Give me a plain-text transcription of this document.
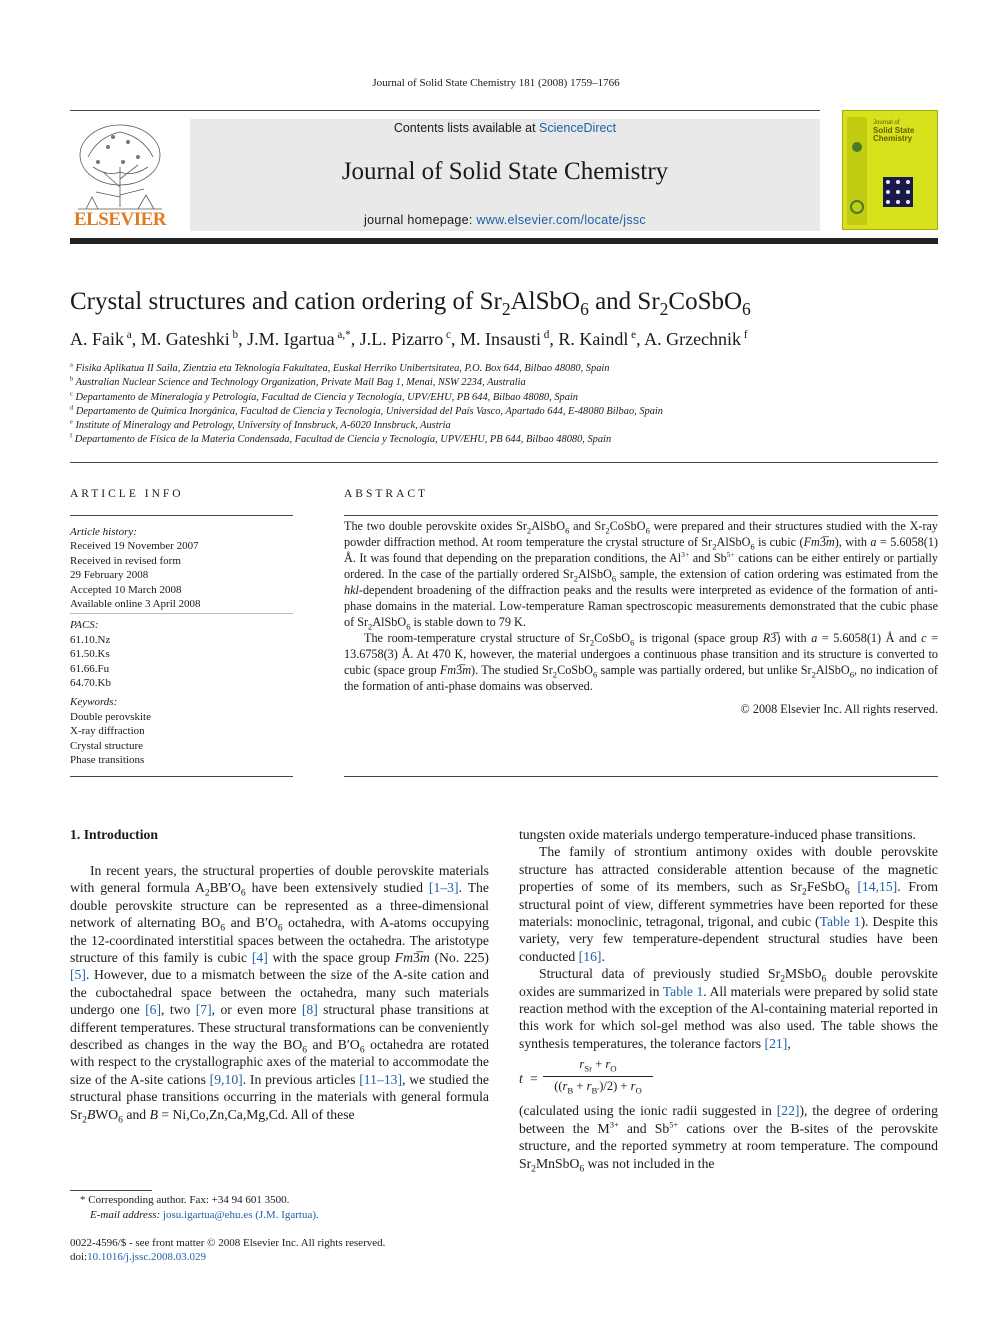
Journal of Solid State Chemistry 181 (2008) 1759–1766
ELSEVIER
Contents lists available at ScienceDirect
Journal of Solid State Chemistry
journal homepage: www.elsevier.com/locate/jssc
Journal of
Solid State
Chemistry
Crystal structures and cation ordering of $Sr_2AlSbO_6$ and $Sr_2CoSbO_6$
A. Faik $^a$, M. Gateshki $^b$, J.M. Igartua $^{a,*}$, J.L. Pizarro $^c$, M. Insausti $^d$, R. Kaindl $^e$, A. Grzechnik $^f$
$^a$ Fisika Aplikatua II Saila, Zientzia eta Teknologia Fakultatea, Euskal Herriko Unibertsitatea, P.O. Box 644, Bilbao 48080, Spain
$^b$ Australian Nuclear Science and Technology Organization, Private Mail Bag 1, Menai, NSW 2234, Australia
$^c$ Departamento de Mineralogía y Petrología, Facultad de Ciencia y Tecnología, UPV/EHU, PB 644, Bilbao 48080, Spain
$^d$ Departamento de Química Inorgánica, Facultad de Ciencia y Tecnología, Universidad del País Vasco, Apartado 644, E-48080 Bilbao, Spain
$^e$ Institute of Mineralogy and Petrology, University of Innsbruck, A-6020 Innsbruck, Austria
$^f$ Departamento de Física de la Materia Condensada, Facultad de Ciencia y Tecnología, UPV/EHU, PB 644, Bilbao 48080, Spain
ARTICLE INFO
Article history:
Received 19 November 2007
Received in revised form
29 February 2008
Accepted 10 March 2008
Available online 3 April 2008
PACS:
61.10.Nz
61.50.Ks
61.66.Fu
64.70.Kb
Keywords:
Double perovskite
X-ray diffraction
Crystal structure
Phase transitions
ABSTRACT

The two double perovskite oxides $Sr_2AlSbO_6$ and $Sr_2CoSbO_6$ were prepared and their structures studied with the X-ray powder diffraction method. At room temperature the crystal structure of $Sr_2AlSbO_6$ is cubic (Fm3̅m), with a = 5.6058(1) Å. It was found that depending on the preparation conditions, the $Al^{3+}$ and $Sb^{5+}$ cations can be either entirely or partially ordered. In the case of the partially ordered $Sr_2AlSbO_6$ sample, the extension of cation ordering was estimated from the hkl-dependent broadening of the diffraction peaks and the results were interpreted as evidence of the formation of anti-phase domains in the material. Low-temperature Raman spectroscopic measurements demonstrated that the cubic phase of $Sr_2AlSbO_6$ is stable down to 79 K.

The room-temperature crystal structure of $Sr_2CoSbO_6$ is trigonal (space group R3̅) with a = 5.6058(1) Å and c = 13.6758(3) Å. At 470 K, however, the material undergoes a continuous phase transition and its structure is converted to cubic (space group Fm3̅m). The studied $Sr_2CoSbO_6$ sample was partially ordered, but unlike $Sr_2AlSbO_6$, no indication of the formation of anti-phase domains was observed.

© 2008 Elsevier Inc. All rights reserved.
1. Introduction

In recent years, the structural properties of double perovskite materials with general formula $A_2BB'O_6$ have been extensively studied [1–3]. The double perovskite structure can be represented as a three-dimensional network of alternating $BO_6$ and $B'O_6$ octahedra, with A-atoms occupying the 12-coordinated interstitial spaces between the octahedra. The aristotype structure of this family is cubic [4] with the space group Fm3̅m (No. 225) [5]. However, due to a mismatch between the size of the A-site cation and the cuboctahedral space between the octahedra, many such materials undergo one [6], two [7], or even more [8] structural phase transitions at different temperatures. These structural transformations can be conveniently described as changes in the way the $BO_6$ and $B'O_6$ octahedra are rotated with respect to the crystallographic axes of the material to accommodate the size of the A-site cations [9,10]. In previous articles [11–13], we studied the structural phase transitions occurring in the materials with general formula $Sr_2BWO_6$ and B = Ni,Co,Zn,Ca,Mg,Cd. All of these

tungsten oxide materials undergo temperature-induced phase transitions.

The family of strontium antimony oxides with double perovskite structure has attracted considerable attention because of the magnetic properties of some of its members, such as $Sr_2FeSbO_6$ [14,15]. From structural point of view, different symmetries have been reported for these materials: monoclinic, tetragonal, trigonal, and cubic (Table 1). Despite this variety, very few temperature-dependent structural studies have been conducted [16].

Structural data of previously studied $Sr_2MSbO_6$ double perovskite oxides are summarized in Table 1. All materials were prepared by solid state reaction method with the exception of the Al-containing material reported in this work for which sol-gel method was also used. The table shows the synthesis temperatures, the tolerance factors [21],

t =
$r_{Sr} + r_O$
$((r_B + r_{B'})/2) + r_O$

(calculated using the ionic radii suggested in [22]), the degree of ordering between the $M^{3+}$ and $Sb^{5+}$ cations over the B-sites of the perovskite structure, and the reported symmetry at room temperature. The compound $Sr_2MnSbO_6$ was not included in the

* Corresponding author. Fax: +34 94 601 3500.
E-mail address: josu.igartua@ehu.es (J.M. Igartua).
0022-4596/$ - see front matter © 2008 Elsevier Inc. All rights reserved.
doi:10.1016/j.jssc.2008.03.029
